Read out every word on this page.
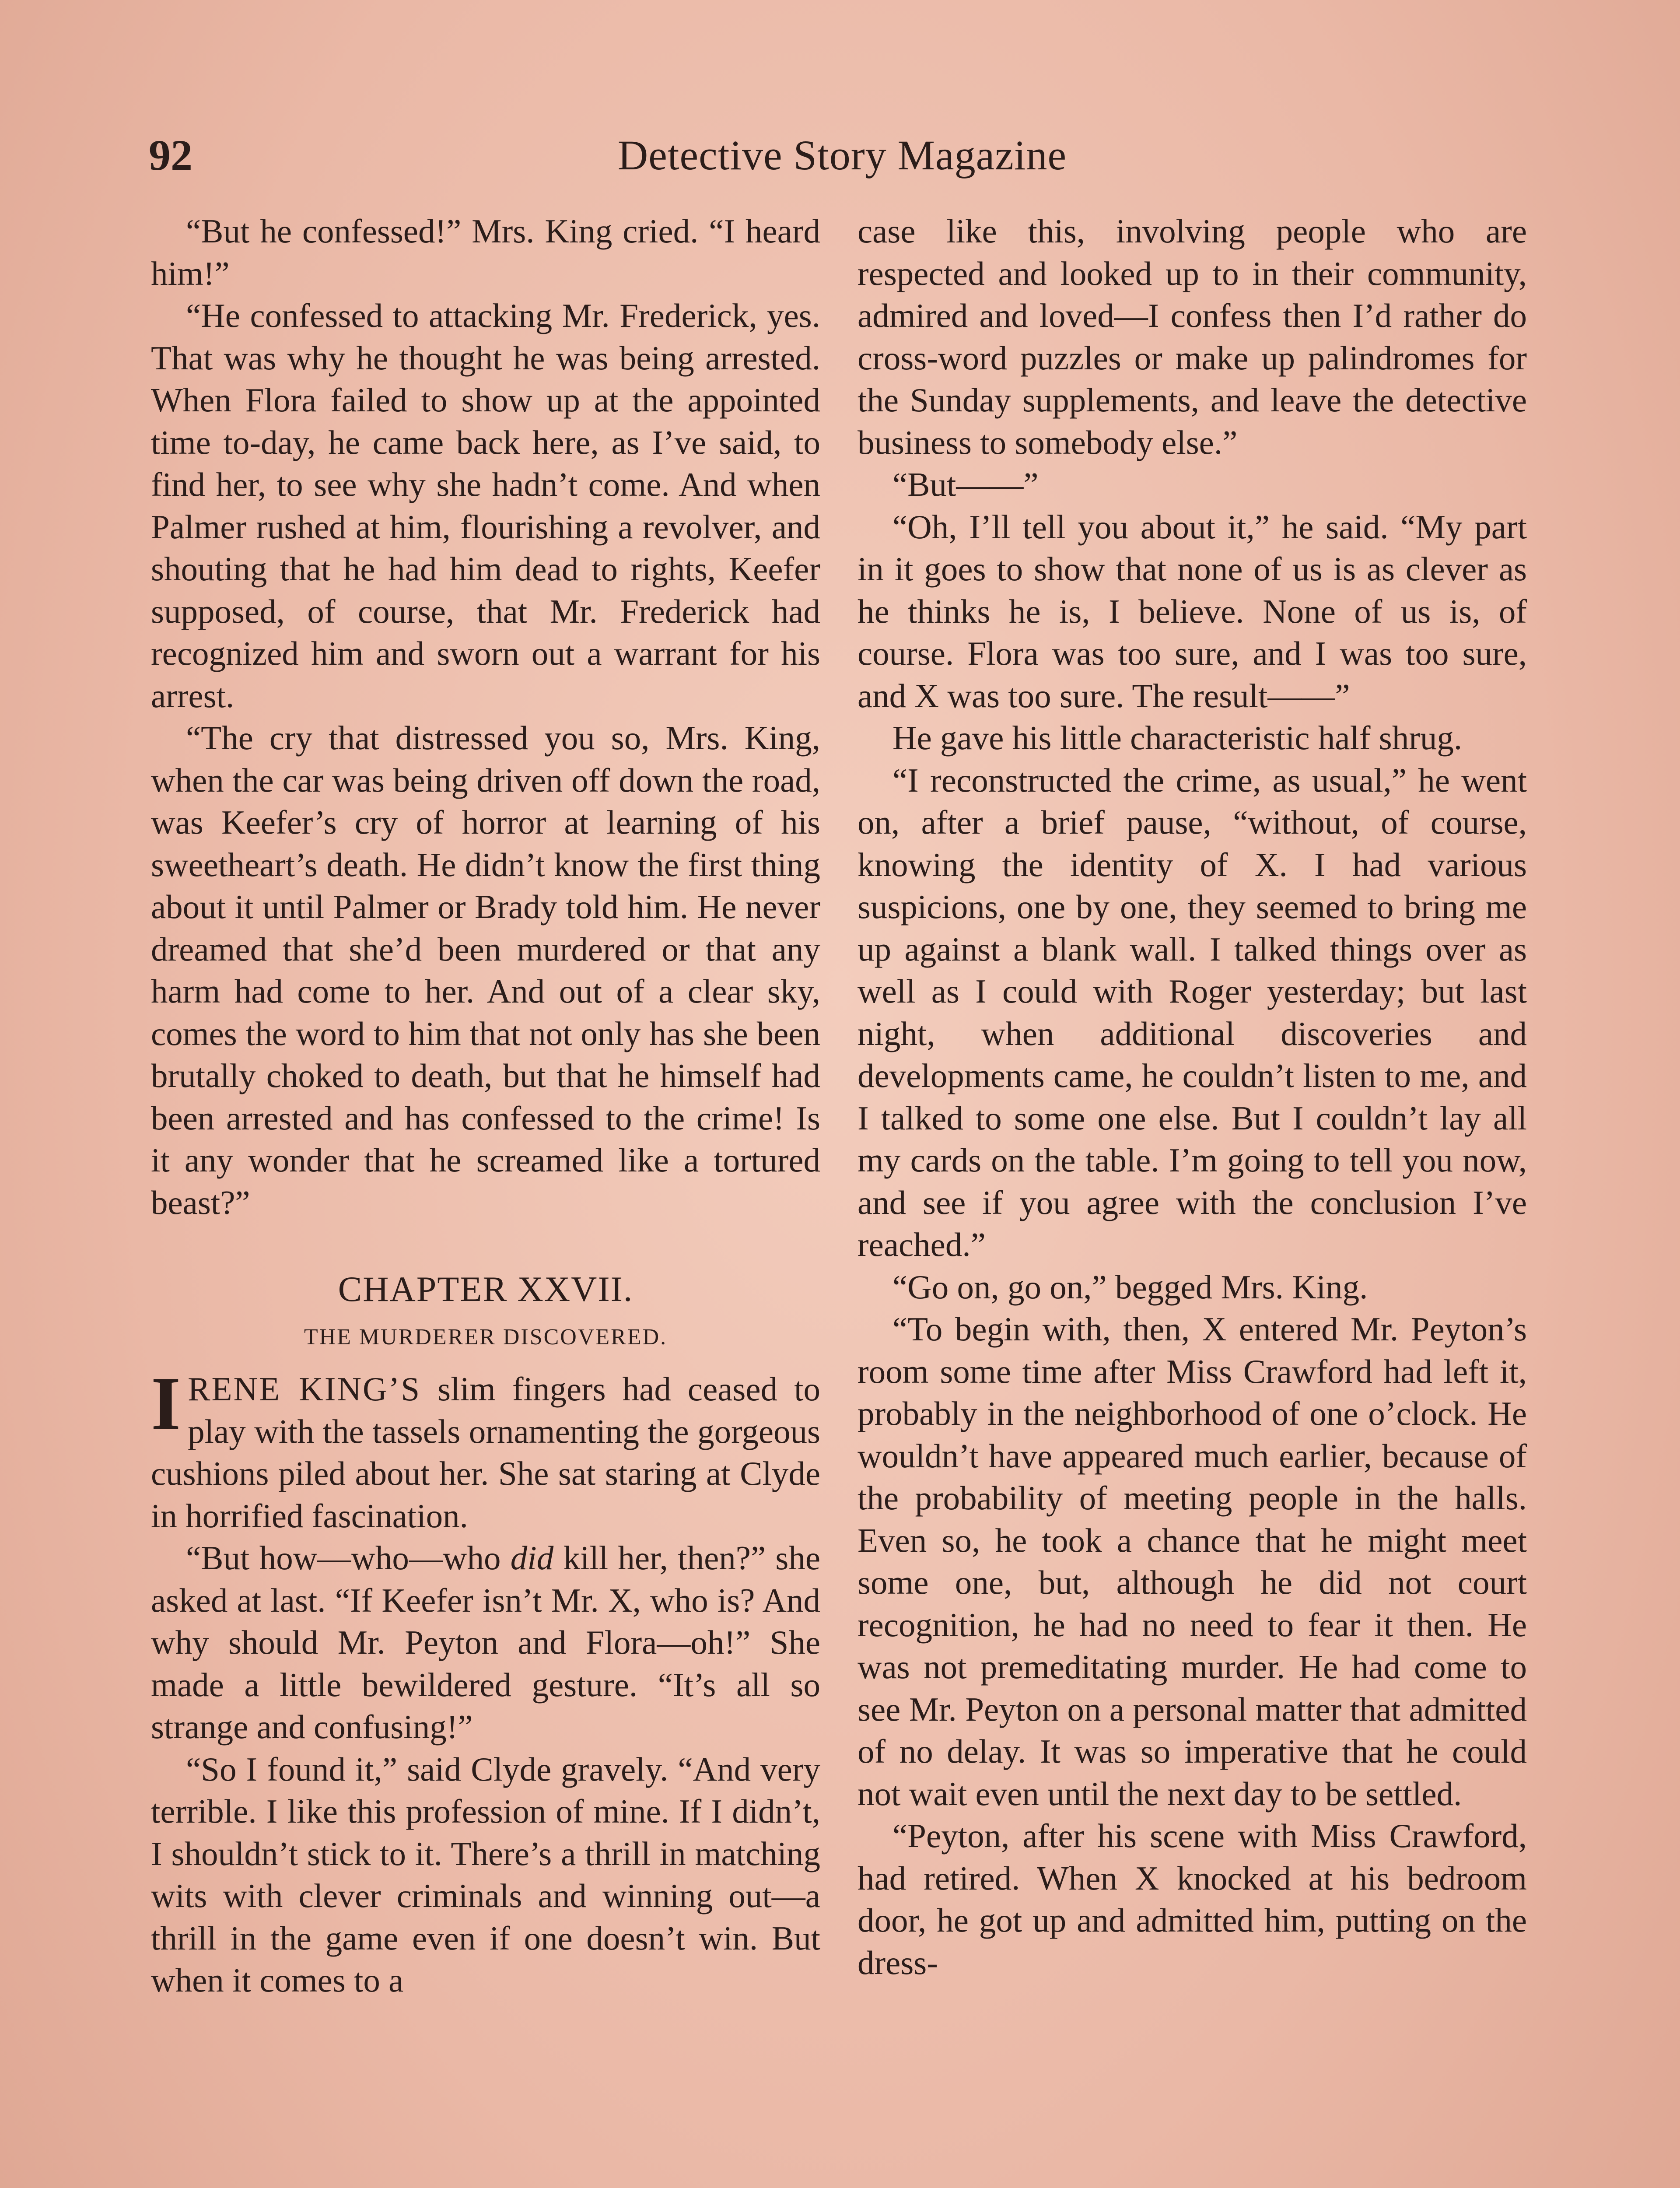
92	Detective Story Magazine

“But he confessed!” Mrs. King cried. “I heard him!”

“He confessed to attacking Mr. Frederick, yes. That was why he thought he was being arrested. When Flora failed to show up at the appointed time to-day, he came back here, as I’ve said, to find her, to see why she hadn’t come. And when Palmer rushed at him, flourishing a revolver, and shouting that he had him dead to rights, Keefer supposed, of course, that Mr. Frederick had recognized him and sworn out a warrant for his arrest.

“The cry that distressed you so, Mrs. King, when the car was being driven off down the road, was Keefer’s cry of horror at learning of his sweetheart’s death. He didn’t know the first thing about it until Palmer or Brady told him. He never dreamed that she’d been murdered or that any harm had come to her. And out of a clear sky, comes the word to him that not only has she been brutally choked to death, but that he himself had been arrested and has confessed to the crime! Is it any wonder that he screamed like a tortured beast?”

CHAPTER XXVII.
THE MURDERER DISCOVERED.

IRENE KING’S slim fingers had ceased to play with the tassels ornamenting the gorgeous cushions piled about her. She sat staring at Clyde in horrified fascination.

“But how—who—who did kill her, then?” she asked at last. “If Keefer isn’t Mr. X, who is? And why should Mr. Peyton and Flora—oh!” She made a little bewildered gesture. “It’s all so strange and confusing!”

“So I found it,” said Clyde gravely. “And very terrible. I like this profession of mine. If I didn’t, I shouldn’t stick to it. There’s a thrill in matching wits with clever criminals and winning out—a thrill in the game even if one doesn’t win. But when it comes to a

case like this, involving people who are respected and looked up to in their community, admired and loved—I confess then I’d rather do cross-word puzzles or make up palindromes for the Sunday supplements, and leave the detective business to somebody else.”

“But——”

“Oh, I’ll tell you about it,” he said. “My part in it goes to show that none of us is as clever as he thinks he is, I believe. None of us is, of course. Flora was too sure, and I was too sure, and X was too sure. The result——”

He gave his little characteristic half shrug.

“I reconstructed the crime, as usual,” he went on, after a brief pause, “without, of course, knowing the identity of X. I had various suspicions, one by one, they seemed to bring me up against a blank wall. I talked things over as well as I could with Roger yesterday; but last night, when additional discoveries and developments came, he couldn’t listen to me, and I talked to some one else. But I couldn’t lay all my cards on the table. I’m going to tell you now, and see if you agree with the conclusion I’ve reached.”

“Go on, go on,” begged Mrs. King.

“To begin with, then, X entered Mr. Peyton’s room some time after Miss Crawford had left it, probably in the neighborhood of one o’clock. He wouldn’t have appeared much earlier, because of the probability of meeting people in the halls. Even so, he took a chance that he might meet some one, but, although he did not court recognition, he had no need to fear it then. He was not premeditating murder. He had come to see Mr. Peyton on a personal matter that admitted of no delay. It was so imperative that he could not wait even until the next day to be settled.

“Peyton, after his scene with Miss Crawford, had retired. When X knocked at his bedroom door, he got up and admitted him, putting on the dress-
